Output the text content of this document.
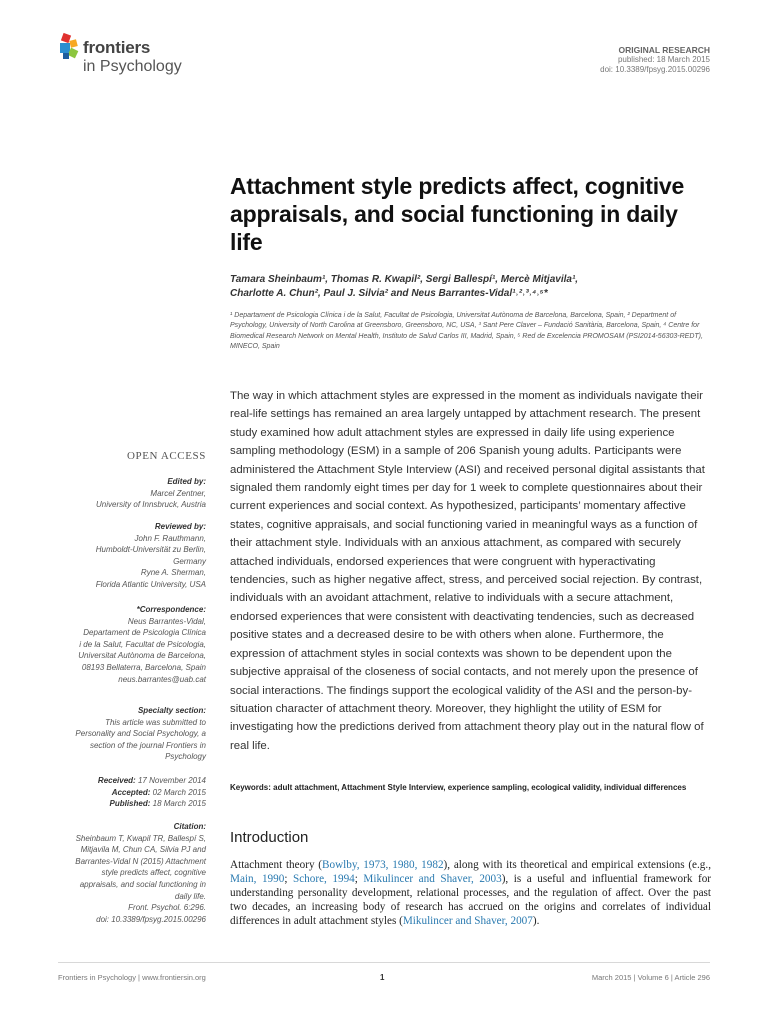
frontiers
in Psychology
ORIGINAL RESEARCH
published: 18 March 2015
doi: 10.3389/fpsyg.2015.00296
Attachment style predicts affect, cognitive appraisals, and social functioning in daily life
Tamara Sheinbaum¹, Thomas R. Kwapil², Sergi Ballespí¹, Mercè Mitjavila¹,
Charlotte A. Chun², Paul J. Silvia² and Neus Barrantes-Vidal¹˒²˒³˒⁴˒⁵*
¹ Departament de Psicologia Clínica i de la Salut, Facultat de Psicologia, Universitat Autònoma de Barcelona, Barcelona, Spain, ² Department of Psychology, University of North Carolina at Greensboro, Greensboro, NC, USA, ³ Sant Pere Claver – Fundació Sanitària, Barcelona, Spain, ⁴ Centre for Biomedical Research Network on Mental Health, Instituto de Salud Carlos III, Madrid, Spain, ⁵ Red de Excelencia PROMOSAM (PSI2014-56303-REDT), MINECO, Spain
OPEN ACCESS
Edited by:
Marcel Zentner,
University of Innsbruck, Austria
Reviewed by:
John F. Rauthmann,
Humboldt-Universität zu Berlin,
Germany
Ryne A. Sherman,
Florida Atlantic University, USA
*Correspondence:
Neus Barrantes-Vidal,
Departament de Psicologia Clínica
i de la Salut, Facultat de Psicologia,
Universitat Autònoma de Barcelona,
08193 Bellaterra, Barcelona, Spain
neus.barrantes@uab.cat
Specialty section:
This article was submitted to
Personality and Social Psychology, a
section of the journal Frontiers in
Psychology
Received: 17 November 2014
Accepted: 02 March 2015
Published: 18 March 2015
Citation:
Sheinbaum T, Kwapil TR, Ballespí S,
Mitjavila M, Chun CA, Silvia PJ and
Barrantes-Vidal N (2015) Attachment
style predicts affect, cognitive
appraisals, and social functioning in
daily life.
Front. Psychol. 6:296.
doi: 10.3389/fpsyg.2015.00296
The way in which attachment styles are expressed in the moment as individuals navigate their real-life settings has remained an area largely untapped by attachment research. The present study examined how adult attachment styles are expressed in daily life using experience sampling methodology (ESM) in a sample of 206 Spanish young adults. Participants were administered the Attachment Style Interview (ASI) and received personal digital assistants that signaled them randomly eight times per day for 1 week to complete questionnaires about their current experiences and social context. As hypothesized, participants’ momentary affective states, cognitive appraisals, and social functioning varied in meaningful ways as a function of their attachment style. Individuals with an anxious attachment, as compared with securely attached individuals, endorsed experiences that were congruent with hyperactivating tendencies, such as higher negative affect, stress, and perceived social rejection. By contrast, individuals with an avoidant attachment, relative to individuals with a secure attachment, endorsed experiences that were consistent with deactivating tendencies, such as decreased positive states and a decreased desire to be with others when alone. Furthermore, the expression of attachment styles in social contexts was shown to be dependent upon the subjective appraisal of the closeness of social contacts, and not merely upon the presence of social interactions. The findings support the ecological validity of the ASI and the person-by-situation character of attachment theory. Moreover, they highlight the utility of ESM for investigating how the predictions derived from attachment theory play out in the natural flow of real life.
Keywords: adult attachment, Attachment Style Interview, experience sampling, ecological validity, individual differences
Introduction
Attachment theory (Bowlby, 1973, 1980, 1982), along with its theoretical and empirical extensions (e.g., Main, 1990; Schore, 1994; Mikulincer and Shaver, 2003), is a useful and influential framework for understanding personality development, relational processes, and the regulation of affect. Over the past two decades, an increasing body of research has accrued on the origins and correlates of individual differences in adult attachment styles (Mikulincer and Shaver, 2007).
Frontiers in Psychology | www.frontiersin.org	1	March 2015 | Volume 6 | Article 296
